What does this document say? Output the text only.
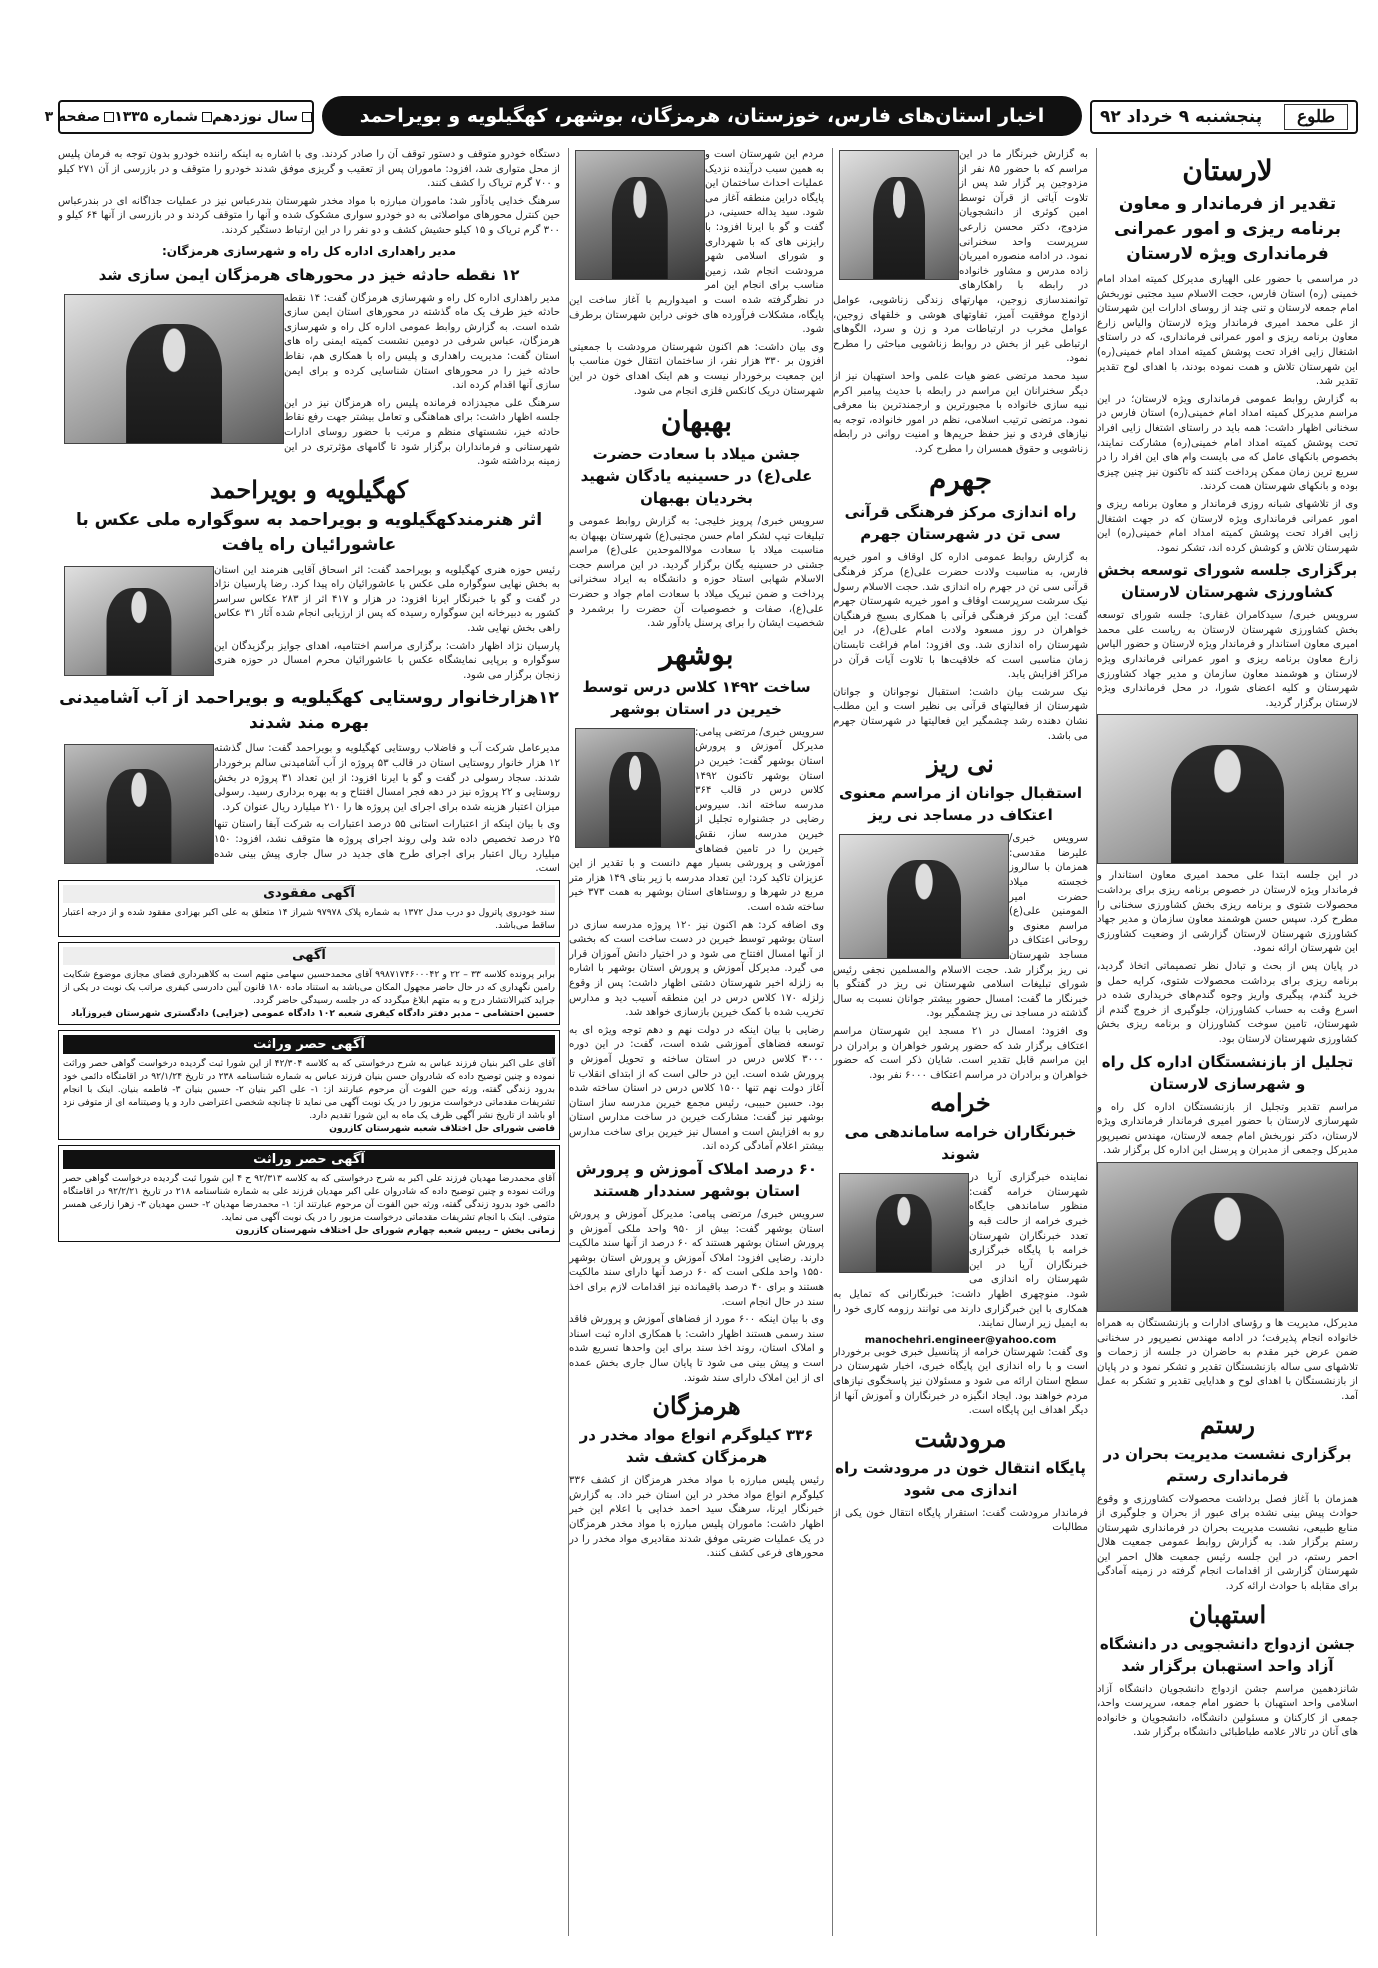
طلوع
پنجشنبه ۹ خرداد ۹۲
اخبار استان‌های فارس، خوزستان، هرمزگان، بوشهر، کهگیلویه و بویراحمد
سال نوزدهم
شماره ۱۳۳۵
صفحه ۳
لارستان
تقدیر از فرماندار و معاون برنامه ریزی و امور عمرانی فرمانداری ویژه لارستان

در مراسمی با حضور علی الهیاری مدیرکل کمیته امداد امام خمینی (ره) استان فارس، حجت الاسلام سید مجتبی نوربخش امام جمعه لارستان و تنی چند از روسای ادارات این شهرستان از علی محمد امیری فرماندار ویژه لارستان والیاس زارع معاون برنامه ریزی و امور عمرانی فرمانداری، که در راستای اشتغال زایی افراد تحت پوشش کمیته امداد امام خمینی(ره) این شهرستان تلاش و همت نموده بودند، با اهدای لوح تقدیر تقدیر شد.

به گزارش روابط عمومی فرمانداری ویژه لارستان؛ در این مراسم مدیرکل کمیته امداد امام خمینی(ره) استان فارس در سخنانی اظهار داشت: همه باید در راستای اشتغال زایی افراد تحت پوشش کمیته امداد امام خمینی(ره) مشارکت نمایند، بخصوص بانکهای عامل که می بایست وام های این افراد را در سریع ترین زمان ممکن پرداخت کنند که تاکنون نیز چنین چیزی بوده و بانکهای شهرستان همت کردند.

وی از تلاشهای شبانه روزی فرماندار و معاون برنامه ریزی و امور عمرانی فرمانداری ویژه لارستان که در جهت اشتغال زایی افراد تحت پوشش کمیته امداد امام خمینی(ره) این شهرستان تلاش و کوشش کرده اند، تشکر نمود.

برگزاری جلسه شورای توسعه بخش کشاورزی شهرستان لارستان

سرویس خبری/ سیدکامران غفاری: جلسه شورای توسعه بخش کشاورزی شهرستان لارستان به ریاست علی محمد امیری معاون استاندار و فرماندار ویژه لارستان و حضور الیاس زارع معاون برنامه ریزی و امور عمرانی فرمانداری ویژه لارستان و هوشمند معاون سازمان و مدیر جهاد کشاورزی شهرستان و کلیه اعضای شورا، در محل فرمانداری ویژه لارستان برگزار گردید.

در این جلسه ابتدا علی محمد امیری معاون استاندار و فرماندار ویژه لارستان در خصوص برنامه ریزی برای برداشت محصولات شتوی و برنامه ریزی بخش کشاورزی سخنانی را مطرح کرد. سپس حسن هوشمند معاون سازمان و مدیر جهاد کشاورزی شهرستان لارستان گزارشی از وضعیت کشاورزی این شهرستان ارائه نمود.

در پایان پس از بحث و تبادل نظر تصمیماتی اتخاذ گردید، برنامه ریزی برای برداشت محصولات شتوی، کرایه حمل و خرید گندم، پیگیری واریز وجوه گندم‌های خریداری شده در اسرع وقت به حساب کشاورزان، جلوگیری از خروج گندم از شهرستان، تامین سوخت کشاورزان و برنامه ریزی بخش کشاورزی شهرستان لارستان بود.

تجلیل از بازنشستگان اداره کل راه و شهرسازی لارستان

مراسم تقدیر وتجلیل از بازنشستگان اداره کل راه و شهرسازی لارستان با حضور امیری فرماندار فرمانداری ویژه لارستان، دکتر نوربخش امام جمعه لارستان، مهندس نصیرپور مدیرکل وجمعی از مدیران و پرسنل این اداره کل برگزار شد.

مدیرکل، مدیریت ها و رؤسای ادارات و بازنشستگان به همراه خانواده انجام پذیرفت؛ در ادامه مهندس نصیرپور در سخنانی ضمن عرض خیر مقدم به حاضران در جلسه از زحمات و تلاشهای سی ساله بازنشستگان تقدیر و تشکر نمود و در پایان از بازنشستگان با اهدای لوح و هدایایی تقدیر و تشکر به عمل آمد.

رستم
برگزاری نشست مدیریت بحران در فرمانداری رستم

همزمان با آغاز فصل برداشت محصولات کشاورزی و وقوع حوادث پیش بینی نشده برای عبور از بحران و جلوگیری از منابع طبیعی، نشست مدیریت بحران در فرمانداری شهرستان رستم برگزار شد. به گزارش روابط عمومی جمعیت هلال احمر رستم، در این جلسه رئیس جمعیت هلال احمر این شهرستان گزارشی از اقدامات انجام گرفته در زمینه آمادگی برای مقابله با حوادث ارائه کرد.

استهبان
جشن ازدواج دانشجویی در دانشگاه آزاد واحد استهبان برگزار شد

شانزدهمین مراسم جشن ازدواج دانشجویان دانشگاه آزاد اسلامی واحد استهبان با حضور امام جمعه، سرپرست واحد، جمعی از کارکنان و مسئولین دانشگاه، دانشجویان و خانواده های آنان در تالار علامه طباطبائی دانشگاه برگزار شد.

به گزارش خبرنگار ما در این مراسم که با حضور ۸۵ نفر از مزدوجین پر گزار شد پس از تلاوت آیاتی از قرآن توسط امین کوثری از دانشجویان مزدوج، دکتر محسن زارعی سرپرست واحد سخنرانی نمود. در ادامه منصوره امیریان زاده مدرس و مشاور خانواده در رابطه با راهکارهای توانمندسازی زوجین، مهارتهای زندگی زناشویی، عوامل ازدواج موفقیت آمیز، تفاوتهای هوشی و خلقهای زوجین، عوامل مخرب در ارتباطات مرد و زن و سرد، الگوهای ارتباطی غیر از بخش در روابط زناشویی مباحثی را مطرح نمود.

سید محمد مرتضی عضو هیات علمی واحد استهبان نیز از دیگر سخنرانان این مراسم در رابطه با حدیث پیامبر اکرم نبیه سازی خانواده با مجبورترین و ارجمندترین بنا معرفی نمود. مرتضی ترتیب اسلامی، نظم در امور خانواده، توجه به نیازهای فردی و نیز حفظ حریم‌ها و امنیت روانی در رابطه زناشویی و حقوق همسران را مطرح کرد.

جهرم
راه اندازی مرکز فرهنگی قرآنی سی تن در شهرستان جهرم

به گزارش روابط عمومی اداره کل اوقاف و امور خیریه فارس، به مناسبت ولادت حضرت علی(ع) مرکز فرهنگی قرآنی سی تن در جهرم راه اندازی شد. حجت الاسلام رسول نیک سرشت سرپرست اوقاف و امور خیریه شهرستان جهرم گفت: این مرکز فرهنگی قرآنی با همکاری بسیج فرهنگیان خواهران در روز مسعود ولادت امام علی(ع)، در این شهرستان راه اندازی شد. وی افزود: امام فراغت تابستان زمان مناسبی است که خلاقیت‌ها با تلاوت آیات قرآن در مراکز افزایش یابد.

نیک سرشت بیان داشت: استقبال نوجوانان و جوانان شهرستان از فعالیتهای قرآنی بی نظیر است و این مطلب نشان دهنده رشد چشمگیر این فعالیتها در شهرستان جهرم می باشد.

نی ریز
استقبال جوانان از مراسم معنوی اعتکاف در مساجد نی ریز

سرویس خبری/ علیرضا مقدسی: همزمان با سالروز خجسته میلاد حضرت امیر المومنین علی(ع) مراسم معنوی و روحانی اعتکاف در مساجد شهرستان نی ریز برگزار شد. حجت الاسلام والمسلمین نجفی رئیس شورای تبلیغات اسلامی شهرستان نی ریز در گفتگو با خبرنگار ما گفت: امسال حضور بیشتر جوانان نسبت به سال گذشته در مساجد نی ریز چشمگیر بود.

وی افزود: امسال در ۲۱ مسجد این شهرستان مراسم اعتکاف برگزار شد که حضور پرشور خواهران و برادران در این مراسم قابل تقدیر است. شایان ذکر است که حضور خواهران و برادران در مراسم اعتکاف ۶۰۰۰ نفر بود.

خرامه
خبرنگاران خرامه ساماندهی می شوند

نماینده خبرگزاری آریا در شهرستان خرامه گفت: منظور ساماندهی جایگاه خبری خرامه از حالت قبه و تعدد خبرنگاران شهرستان خرامه با پایگاه خبرگزاری خبرنگاران آریا در این شهرستان راه اندازی می شود. منوچهری اظهار داشت: خبرنگارانی که تمایل به همکاری با این خبرگزاری دارند می توانند رزومه کاری خود را به ایمیل زیر ارسال نمایند.

manochehri.engineer@yahoo.com

وی گفت: شهرستان خرامه از پتانسیل خبری خوبی برخوردار است و با راه اندازی این پایگاه خبری، اخبار شهرستان در سطح استان ارائه می شود و مسئولان نیز پاسخگوی نیازهای مردم خواهند بود. ایجاد انگیزه در خبرنگاران و آموزش آنها از دیگر اهداف این پایگاه است.

مرودشت
پایگاه انتقال خون در مرودشت راه اندازی می شود

فرماندار مرودشت گفت: استقرار پایگاه انتقال خون یکی از مطالبات

مردم این شهرستان است و به همین سبب درآینده نزدیک عملیات احداث ساختمان این پایگاه دراین منطقه آغاز می شود. سید یداله حسینی، در گفت و گو با ایرنا افزود: با رایزنی های که با شهرداری و شورای اسلامی شهر مرودشت انجام شد، زمین مناسب برای انجام این امر در نظرگرفته شده است و امیدواریم با آغاز ساخت این پایگاه، مشکلات فرآورده های خونی دراین شهرستان برطرف شود.

وی بیان داشت: هم اکنون شهرستان مرودشت با جمعیتی افزون بر ۳۳۰ هزار نفر، از ساختمان انتقال خون مناسب با این جمعیت برخوردار نیست و هم اینک اهدای خون در این شهرستان دریک کانکس فلزی انجام می شود.

بهبهان
جشن میلاد با سعادت حضرت علی(ع) در حسینیه یادگان شهید بخردیان بهبهان

سرویس خبری/ پرویز خلیجی: به گزارش روابط عمومی و تبلیغات تیپ لشکر امام حسن مجتبی(ع) شهرستان بهبهان به مناسبت میلاد با سعادت مولاالموحدین علی(ع) مراسم جشنی در حسینیه یگان برگزار گردید. در این مراسم حجت الاسلام شهابی استاد حوزه و دانشگاه به ایراد سخنرانی پرداخت و ضمن تبریک میلاد با سعادت امام جواد و حضرت علی(ع)، صفات و خصوصیات آن حضرت را برشمرد و شخصیت ایشان را برای پرسنل یادآور شد.

بوشهر
ساخت ۱۴۹۲ کلاس درس توسط خیرین در استان بوشهر

سرویس خبری/ مرتضی پیامی: مدیرکل آموزش و پرورش استان بوشهر گفت: خیرین در استان بوشهر تاکنون ۱۴۹۲ کلاس درس در قالب ۳۶۴ مدرسه ساخته اند. سیروس رضایی در جشنواره تجلیل از خیرین مدرسه ساز، نقش خیرین را در تامین فضاهای آموزشی و پرورشی بسیار مهم دانست و با تقدیر از این عزیزان تاکید کرد: این تعداد مدرسه با زیر بنای ۱۴۹ هزار متر مربع در شهرها و روستاهای استان بوشهر به همت ۳۷۳ خیر ساخته شده است.

وی اضافه کرد: هم اکنون نیز ۱۲۰ پروژه مدرسه سازی در استان بوشهر توسط خیرین در دست ساخت است که بخشی از آنها امسال افتتاح می شود و در اختیار دانش آموزان قرار می گیرد. مدیرکل آموزش و پرورش استان بوشهر با اشاره به زلزله اخیر شهرستان دشتی اظهار داشت: پس از وقوع زلزله ۱۷۰ کلاس درس در این منطقه آسیب دید و مدارس تخریب شده با کمک خیرین بازسازی خواهد شد.

رضایی با بیان اینکه در دولت نهم و دهم توجه ویژه ای به توسعه فضاهای آموزشی شده است، گفت: در این دوره ۳۰۰۰ کلاس درس در استان ساخته و تحویل آموزش و پرورش شده است. این در حالی است که از ابتدای انقلاب تا آغاز دولت نهم تنها ۱۵۰۰ کلاس درس در استان ساخته شده بود. حسین حبیبی، رئیس مجمع خیرین مدرسه ساز استان بوشهر نیز گفت: مشارکت خیرین در ساخت مدارس استان رو به افزایش است و امسال نیز خیرین برای ساخت مدارس بیشتر اعلام آمادگی کرده اند.

۶۰ درصد املاک آموزش و پرورش استان بوشهر سنددار هستند

سرویس خبری/ مرتضی پیامی: مدیرکل آموزش و پرورش استان بوشهر گفت: بیش از ۹۵۰ واحد ملکی آموزش و پرورش استان بوشهر هستند که ۶۰ درصد از آنها سند مالکیت دارند. رضایی افزود: املاک آموزش و پرورش استان بوشهر ۱۵۵۰ واحد ملکی است که ۶۰ درصد آنها دارای سند مالکیت هستند و برای ۴۰ درصد باقیمانده نیز اقدامات لازم برای اخذ سند در حال انجام است.

وی با بیان اینکه ۶۰۰ مورد از فضاهای آموزش و پرورش فاقد سند رسمی هستند اظهار داشت: با همکاری اداره ثبت اسناد و املاک استان، روند اخذ سند برای این واحدها تسریع شده است و پیش بینی می شود تا پایان سال جاری بخش عمده ای از این املاک دارای سند شوند.

هرمزگان
۳۳۶ کیلوگرم انواع مواد مخدر در هرمزگان کشف شد

رئیس پلیس مبارزه با مواد مخدر هرمزگان از کشف ۳۳۶ کیلوگرم انواع مواد مخدر در این استان خبر داد. به گزارش خبرنگار ایرنا، سرهنگ سید احمد خدایی با اعلام این خبر اظهار داشت: ماموران پلیس مبارزه با مواد مخدر هرمزگان در یک عملیات ضربتی موفق شدند مقادیری مواد مخدر را در محورهای فرعی کشف کنند.

دستگاه خودرو متوقف و دستور توقف آن را صادر کردند. وی با اشاره به اینکه راننده خودرو بدون توجه به فرمان پلیس از محل متواری شد، افزود: ماموران پس از تعقیب و گریزی موفق شدند خودرو را متوقف و در بازرسی از آن ۲۷۱ کیلو و ۷۰۰ گرم تریاک را کشف کنند.

سرهنگ خدایی یادآور شد: ماموران مبارزه با مواد مخدر شهرستان بندرعباس نیز در عملیات جداگانه ای در بندرعباس حین کنترل محورهای مواصلاتی به دو خودرو سواری مشکوک شده و آنها را متوقف کردند و در بازرسی از آنها ۶۴ کیلو و ۳۰۰ گرم تریاک و ۱۵ کیلو حشیش کشف و دو نفر را در این ارتباط دستگیر کردند.

مدیر راهداری اداره کل راه و شهرسازی هرمزگان:
۱۲ نقطه حادثه خیز در محورهای هرمزگان ایمن سازی شد

مدیر راهداری اداره کل راه و شهرسازی هرمزگان گفت: ۱۴ نقطه حادثه خیز طرف یک ماه گذشته در محورهای استان ایمن سازی شده است. به گزارش روابط عمومی اداره کل راه و شهرسازی هرمزگان، عباس شرفی در دومین نشست کمیته ایمنی راه های استان گفت: مدیریت راهداری و پلیس راه با همکاری هم، نقاط حادثه خیز را در محورهای استان شناسایی کرده و برای ایمن سازی آنها اقدام کرده اند.

سرهنگ علی مجیدزاده فرمانده پلیس راه هرمزگان نیز در این جلسه اظهار داشت: برای هماهنگی و تعامل بیشتر جهت رفع نقاط حادثه خیز، نشستهای منظم و مرتب با حضور روسای ادارات شهرستانی و فرمانداران برگزار شود تا گامهای مؤثرتری در این زمینه برداشته شود.

کهگیلویه و بویراحمد
اثر هنرمندکهگیلویه و بویراحمد به سوگواره ملی عکس با عاشورائیان راه یافت

رئیس حوزه هنری کهگیلویه و بویراحمد گفت: اثر اسحاق آقایی هنرمند این استان به بخش نهایی سوگواره ملی عکس با عاشورائیان راه پیدا کرد. رضا پارسیان نژاد در گفت و گو با خبرنگار ایرنا افزود: در هزار و ۴۱۷ اثر از ۲۸۳ عکاس سراسر کشور به دبیرخانه این سوگواره رسیده که پس از ارزیابی انجام شده آثار ۳۱ عکاس راهی بخش نهایی شد.

پارسیان نژاد اظهار داشت: برگزاری مراسم اختتامیه، اهدای جوایز برگزیدگان این سوگواره و برپایی نمایشگاه عکس با عاشورائیان محرم امسال در حوزه هنری زنجان برگزار می شود.

۱۲هزارخانوار روستایی کهگیلویه و بویراحمد از آب آشامیدنی بهره مند شدند

مدیرعامل شرکت آب و فاضلاب روستایی کهگیلویه و بویراحمد گفت: سال گذشته ۱۲ هزار خانوار روستایی استان در قالب ۵۳ پروژه از آب آشامیدنی سالم برخوردار شدند. سجاد رسولی در گفت و گو با ایرنا افزود: از این تعداد ۳۱ پروژه در بخش روستایی و ۲۲ پروژه نیز در دهه فجر امسال افتتاح و به بهره برداری رسید. رسولی میزان اعتبار هزینه شده برای اجرای این پروژه ها را ۲۱۰ میلیارد ریال عنوان کرد.

وی با بیان اینکه از اعتبارات استانی ۵۵ درصد اعتبارات به شرکت آبفا راستان تنها ۲۵ درصد تخصیص داده شد ولی روند اجرای پروژه ها متوقف نشد، افزود: ۱۵۰ میلیارد ریال اعتبار برای اجرای طرح های جدید در سال جاری پیش بینی شده است.

آگهی مفقودی
سند خودروی پاترول دو درب مدل ۱۳۷۲ به شماره پلاک ۹۷۹۷۸ شیراز ۱۴ متعلق به علی اکبر بهزادی مفقود شده و از درجه اعتبار ساقط می‌باشد.
آگهی
برابر پرونده کلاسه ۳۳ – ۲۲ و ۹۹۸۷۱۷۴۶۰۰۰۴۲ آقای محمدحسین سهامی متهم است به کلاهبرداری فضای مجازی موضوع شکایت رامین نگهداری که در حال حاضر مجهول المکان می‌باشد به استناد ماده ۱۸۰ قانون آیین دادرسی کیفری مراتب یک نوبت در یکی از جراید کثیرالانتشار درج و به متهم ابلاغ میگردد که در جلسه رسیدگی حاضر گردد.
حسین احتشامی – مدیر دفتر دادگاه کیفری شعبه ۱۰۲ دادگاه عمومی (جزایی) دادگستری شهرستان فیروزآباد
آگهی حصر وراثت
آقای علی اکبر بنیان فرزند عباس به شرح درخواستی که به کلاسه ۴۲/۳۰۴ از این شورا ثبت گردیده درخواست گواهی حصر وراثت نموده و چنین توضیح داده که شادروان حسن بنیان فرزند عباس به شماره شناسنامه ۲۳۸ در تاریخ ۹۲/۱/۲۴ در اقامتگاه دائمی خود بدرود زندگی گفته، ورثه حین الفوت آن مرحوم عبارتند از: ۱- علی اکبر بنیان ۲- حسین بنیان ۳- فاطمه بنیان. اینک با انجام تشریفات مقدماتی درخواست مزبور را در یک نوبت آگهی می نماید تا چنانچه شخصی اعتراضی دارد و یا وصیتنامه ای از متوفی نزد او باشد از تاریخ نشر آگهی ظرف یک ماه به این شورا تقدیم دارد.
قاضی شورای حل اختلاف شعبه شهرستان کازرون
آگهی حصر وراثت
آقای محمدرضا مهدیان فرزند علی اکبر به شرح درخواستی که به کلاسه ۹۲/۳۱۳ ح ۴ این شورا ثبت گردیده درخواست گواهی حصر وراثت نموده و چنین توضیح داده که شادروان علی اکبر مهدیان فرزند علی به شماره شناسنامه ۲۱۸ در تاریخ ۹۲/۲/۲۱ در اقامتگاه دائمی خود بدرود زندگی گفته، ورثه حین الفوت آن مرحوم عبارتند از: ۱- محمدرضا مهدیان ۲- حسن مهدیان ۳- زهرا زارعی همسر متوفی. اینک با انجام تشریفات مقدماتی درخواست مزبور را در یک نوبت آگهی می نماید.
زمانی بخش – رییس شعبه چهارم شورای حل اختلاف شهرستان کازرون
